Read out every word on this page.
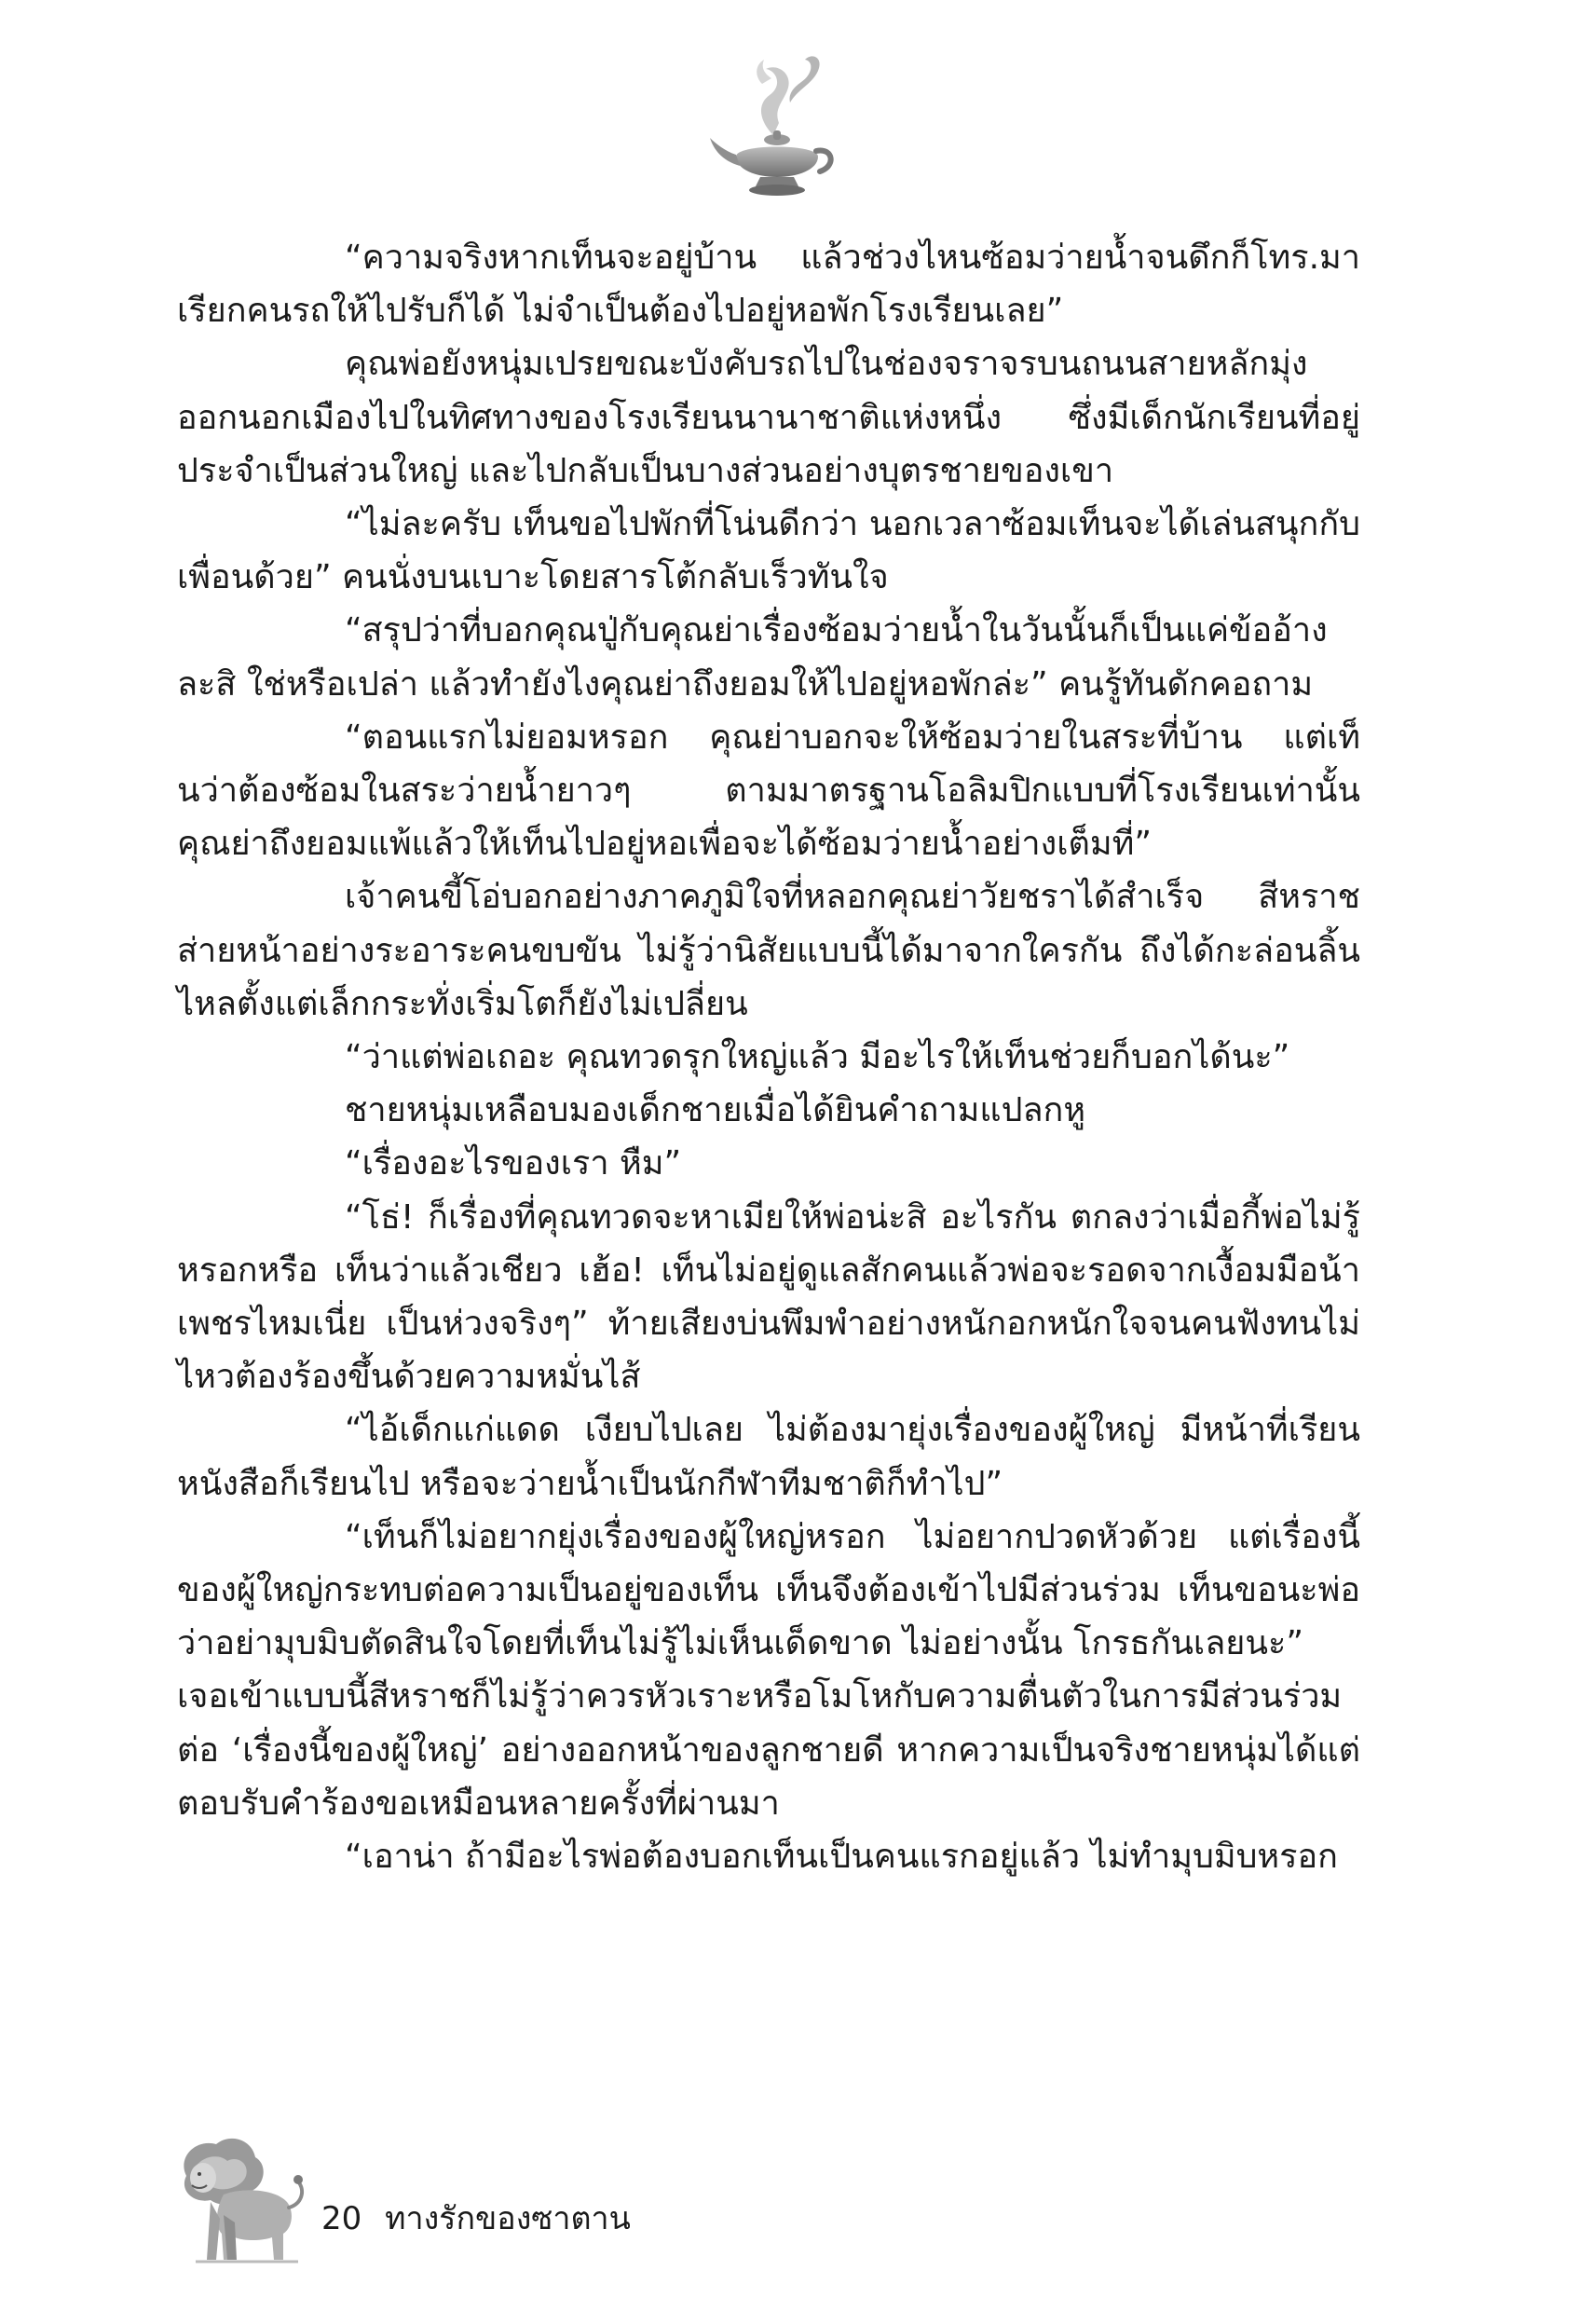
“ความจริงหากเท็นจะอยู่บ้าน แล้วช่วงไหนซ้อมว่ายน้ำจนดึกก็โทร.มาเรียกคนรถให้ไปรับก็ได้ ไม่จำเป็นต้องไปอยู่หอพักโรงเรียนเลย”

คุณพ่อยังหนุ่มเปรยขณะบังคับรถไปในช่องจราจรบนถนนสายหลักมุ่งออกนอกเมืองไปในทิศทางของโรงเรียนนานาชาติแห่งหนึ่ง ซึ่งมีเด็กนักเรียนที่อยู่ประจำเป็นส่วนใหญ่ และไปกลับเป็นบางส่วนอย่างบุตรชายของเขา

“ไม่ละครับ เท็นขอไปพักที่โน่นดีกว่า นอกเวลาซ้อมเท็นจะได้เล่นสนุกกับเพื่อนด้วย” คนนั่งบนเบาะโดยสารโต้กลับเร็วทันใจ

“สรุปว่าที่บอกคุณปู่กับคุณย่าเรื่องซ้อมว่ายน้ำในวันนั้นก็เป็นแค่ข้ออ้างละสิ ใช่หรือเปล่า แล้วทำยังไงคุณย่าถึงยอมให้ไปอยู่หอพักล่ะ” คนรู้ทันดักคอถาม

“ตอนแรกไม่ยอมหรอก คุณย่าบอกจะให้ซ้อมว่ายในสระที่บ้าน แต่เท็นว่าต้องซ้อมในสระว่ายน้ำยาวๆ ตามมาตรฐานโอลิมปิกแบบที่โรงเรียนเท่านั้น คุณย่าถึงยอมแพ้แล้วให้เท็นไปอยู่หอเพื่อจะได้ซ้อมว่ายน้ำอย่างเต็มที่”

เจ้าคนขี้โอ่บอกอย่างภาคภูมิใจที่หลอกคุณย่าวัยชราได้สำเร็จ สีหราชส่ายหน้าอย่างระอาระคนขบขัน ไม่รู้ว่านิสัยแบบนี้ได้มาจากใครกัน ถึงได้กะล่อนลิ้นไหลตั้งแต่เล็กกระทั่งเริ่มโตก็ยังไม่เปลี่ยน

“ว่าแต่พ่อเถอะ คุณทวดรุกใหญ่แล้ว มีอะไรให้เท็นช่วยก็บอกได้นะ”

ชายหนุ่มเหลือบมองเด็กชายเมื่อได้ยินคำถามแปลกหู

“เรื่องอะไรของเรา หืม”

“โธ่! ก็เรื่องที่คุณทวดจะหาเมียให้พ่อน่ะสิ อะไรกัน ตกลงว่าเมื่อกี้พ่อไม่รู้หรอกหรือ เท็นว่าแล้วเชียว เฮ้อ! เท็นไม่อยู่ดูแลสักคนแล้วพ่อจะรอดจากเงื้อมมือน้าเพชรไหมเนี่ย เป็นห่วงจริงๆ” ท้ายเสียงบ่นพึมพำอย่างหนักอกหนักใจจนคนฟังทนไม่ไหวต้องร้องขึ้นด้วยความหมั่นไส้

“ไอ้เด็กแก่แดด เงียบไปเลย ไม่ต้องมายุ่งเรื่องของผู้ใหญ่ มีหน้าที่เรียนหนังสือก็เรียนไป หรือจะว่ายน้ำเป็นนักกีฬาทีมชาติก็ทำไป”

“เท็นก็ไม่อยากยุ่งเรื่องของผู้ใหญ่หรอก ไม่อยากปวดหัวด้วย แต่เรื่องนี้ของผู้ใหญ่กระทบต่อความเป็นอยู่ของเท็น เท็นจึงต้องเข้าไปมีส่วนร่วม เท็นขอนะพ่อ ว่าอย่ามุบมิบตัดสินใจโดยที่เท็นไม่รู้ไม่เห็นเด็ดขาด ไม่อย่างนั้น โกรธกันเลยนะ”

เจอเข้าแบบนี้สีหราชก็ไม่รู้ว่าควรหัวเราะหรือโมโหกับความตื่นตัวในการมีส่วนร่วมต่อ ‘เรื่องนี้ของผู้ใหญ่’ อย่างออกหน้าของลูกชายดี หากความเป็นจริงชายหนุ่มได้แต่ตอบรับคำร้องขอเหมือนหลายครั้งที่ผ่านมา

“เอาน่า ถ้ามีอะไรพ่อต้องบอกเท็นเป็นคนแรกอยู่แล้ว ไม่ทำมุบมิบหรอก

20 ทางรักของซาตาน
